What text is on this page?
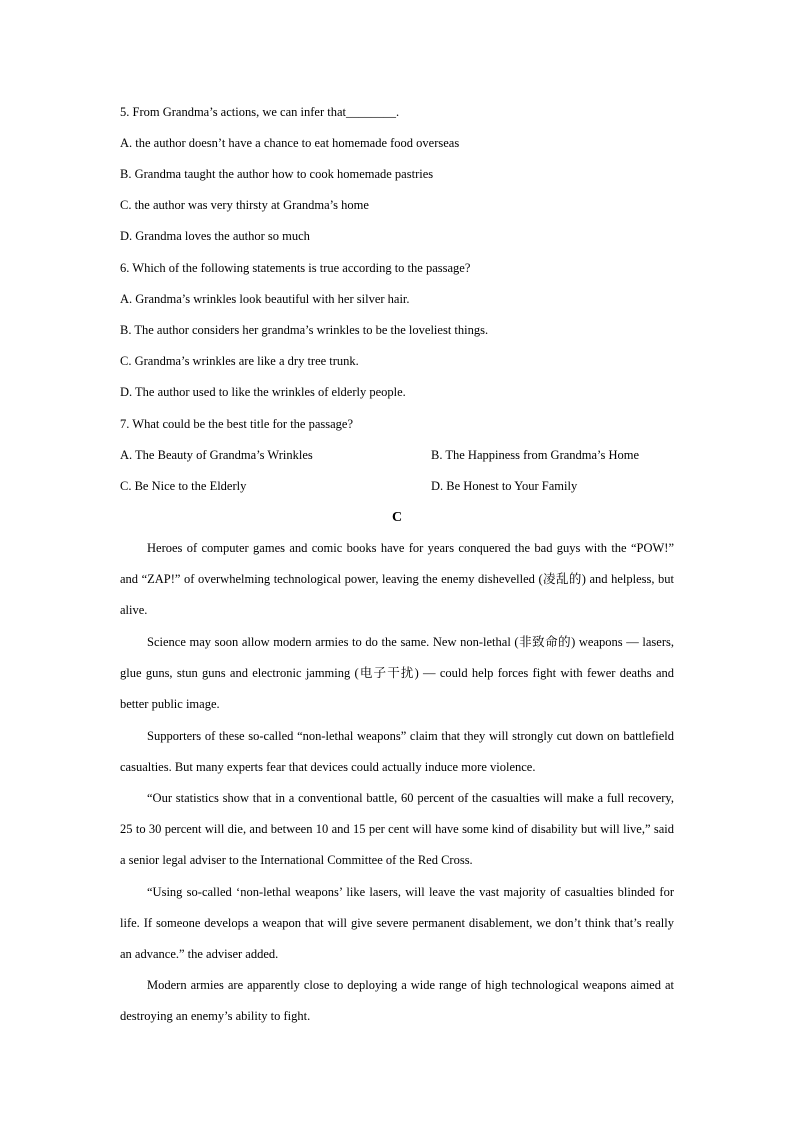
5. From Grandma’s actions, we can infer that________.
A. the author doesn’t have a chance to eat homemade food overseas
B. Grandma taught the author how to cook homemade pastries
C. the author was very thirsty at Grandma’s home
D. Grandma loves the author so much
6. Which of the following statements is true according to the passage?
A. Grandma’s wrinkles look beautiful with her silver hair.
B. The author considers her grandma’s wrinkles to be the loveliest things.
C. Grandma’s wrinkles are like a dry tree trunk.
D. The author used to like the wrinkles of elderly people.
7. What could be the best title for the passage?
A. The Beauty of Grandma’s Wrinkles	B. The Happiness from Grandma’s Home
C. Be Nice to the Elderly	D. Be Honest to Your Family
C

Heroes of computer games and comic books have for years conquered the bad guys with the “POW!” and “ZAP!” of overwhelming technological power, leaving the enemy dishevelled (凌乱的) and helpless, but alive.

Science may soon allow modern armies to do the same. New non-lethal (非致命的) weapons — lasers, glue guns, stun guns and electronic jamming (电子干扰) — could help forces fight with fewer deaths and better public image.

Supporters of these so-called “non-lethal weapons” claim that they will strongly cut down on battlefield casualties. But many experts fear that devices could actually induce more violence.

“Our statistics show that in a conventional battle, 60 percent of the casualties will make a full recovery, 25 to 30 percent will die, and between 10 and 15 per cent will have some kind of disability but will live,” said a senior legal adviser to the International Committee of the Red Cross.

“Using so-called ‘non-lethal weapons’ like lasers, will leave the vast majority of casualties blinded for life. If someone develops a weapon that will give severe permanent disablement, we don’t think that’s really an advance.” the adviser added.

Modern armies are apparently close to deploying a wide range of high technological weapons aimed at destroying an enemy’s ability to fight.
